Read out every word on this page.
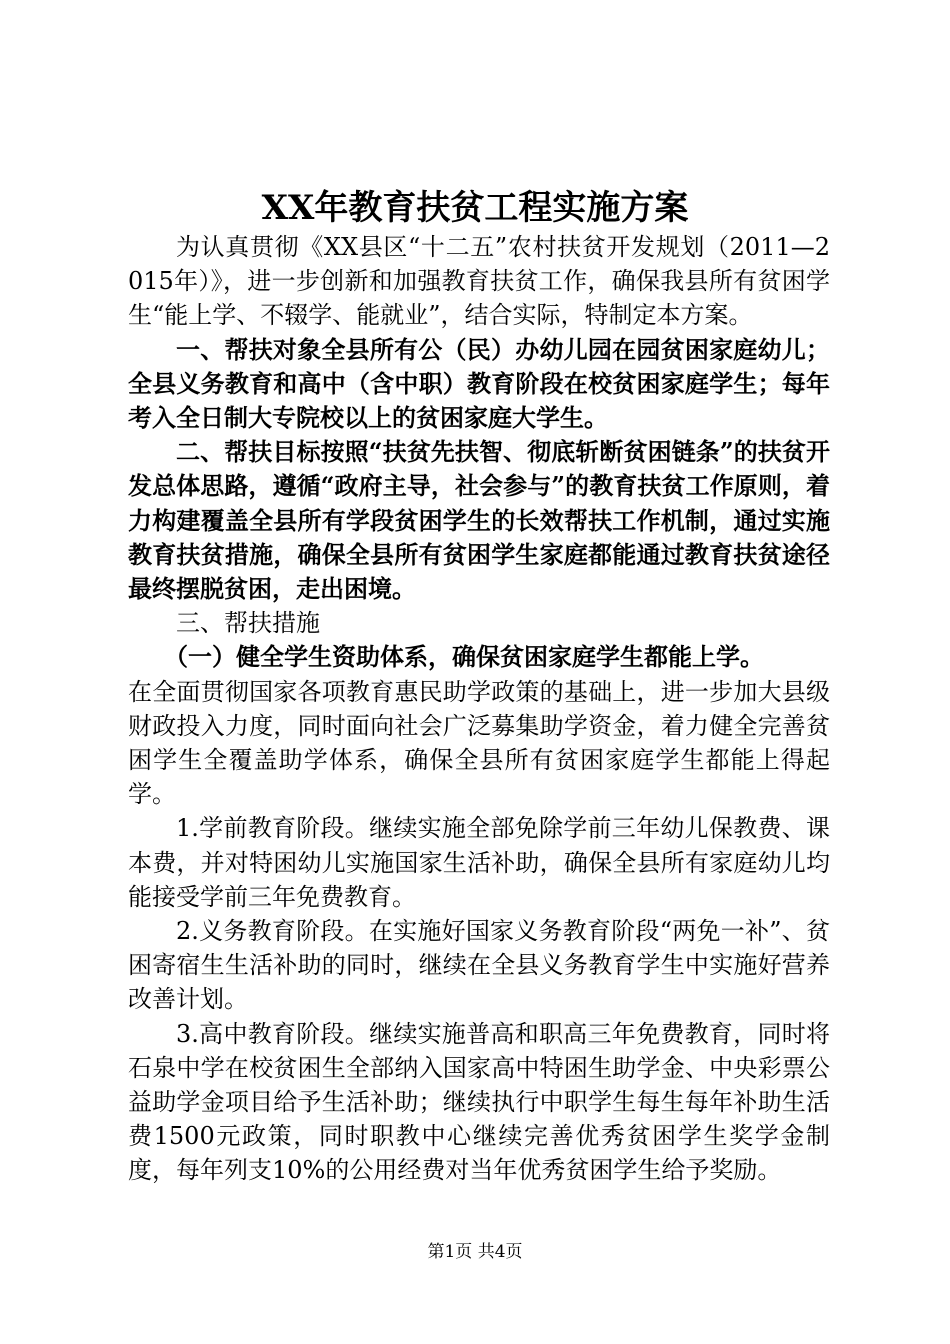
XX年教育扶贫工程实施方案

为认真贯彻《XX县区“十二五”农村扶贫开发规划（2011—2015年）》，进一步创新和加强教育扶贫工作，确保我县所有贫困学生“能上学、不辍学、能就业”，结合实际，特制定本方案。

一、帮扶对象全县所有公（民）办幼儿园在园贫困家庭幼儿；全县义务教育和高中（含中职）教育阶段在校贫困家庭学生；每年考入全日制大专院校以上的贫困家庭大学生。

二、帮扶目标按照“扶贫先扶智、彻底斩断贫困链条”的扶贫开发总体思路，遵循“政府主导，社会参与”的教育扶贫工作原则，着力构建覆盖全县所有学段贫困学生的长效帮扶工作机制，通过实施教育扶贫措施，确保全县所有贫困学生家庭都能通过教育扶贫途径最终摆脱贫困，走出困境。

三、帮扶措施

（一）健全学生资助体系，确保贫困家庭学生都能上学。

在全面贯彻国家各项教育惠民助学政策的基础上，进一步加大县级财政投入力度，同时面向社会广泛募集助学资金，着力健全完善贫困学生全覆盖助学体系，确保全县所有贫困家庭学生都能上得起学。

1.学前教育阶段。继续实施全部免除学前三年幼儿保教费、课本费，并对特困幼儿实施国家生活补助，确保全县所有家庭幼儿均能接受学前三年免费教育。

2.义务教育阶段。在实施好国家义务教育阶段“两免一补”、贫困寄宿生生活补助的同时，继续在全县义务教育学生中实施好营养改善计划。

3.高中教育阶段。继续实施普高和职高三年免费教育，同时将石泉中学在校贫困生全部纳入国家高中特困生助学金、中央彩票公益助学金项目给予生活补助；继续执行中职学生每生每年补助生活费1500元政策，同时职教中心继续完善优秀贫困学生奖学金制度，每年列支10%的公用经费对当年优秀贫困学生给予奖励。

第1页 共4页
